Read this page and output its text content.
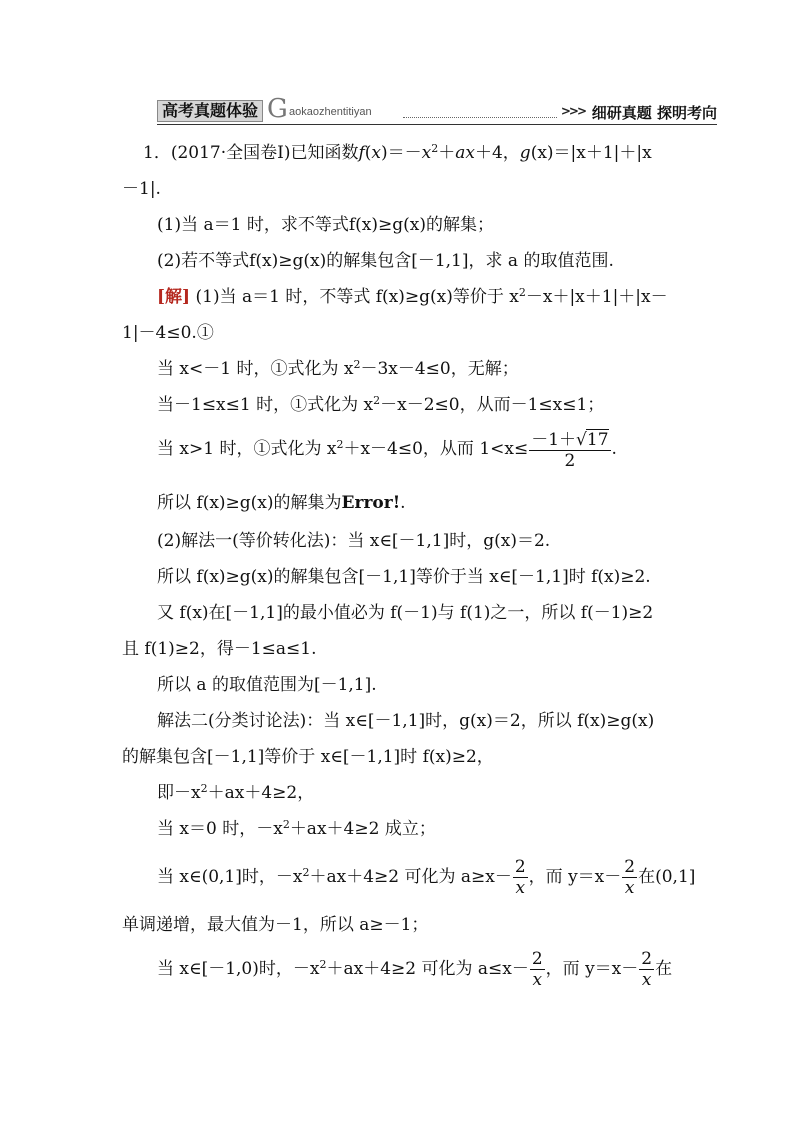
高考真题体验 G aokaozhentitiyan	>>> 细研真题 探明考向
1．(2017·全国卷Ⅰ)已知函数$f(x)=-x^2+ax+4$，g(x)＝|x＋1|＋|x
－1|.
(1)当 a＝1 时，求不等式f(x)≥g(x)的解集；
(2)若不等式f(x)≥g(x)的解集包含[－1,1]，求 a 的取值范围.
[解] (1)当 a＝1 时，不等式 f(x)≥g(x)等价于 $x^2-x+|x+1|+|x-$
1|－4≤0.①
当 x<－1 时，①式化为 $x^2-3x-4\le 0$，无解；
当－1≤x≤1 时，①式化为 $x^2-x-2\le 0$，从而－1≤x≤1；
当 x>1 时，①式化为 $x^2+x-4\le 0$，从而 $1<x\le \frac{-1+√17}{2}$ .
所以 f(x)≥g(x)的解集为Error!.
(2)解法一(等价转化法)：当 x∈[－1,1]时，g(x)＝2.
所以 f(x)≥g(x)的解集包含[－1,1]等价于当 x∈[－1,1]时 f(x)≥2.
又 f(x)在[－1,1]的最小值必为 f(－1)与 f(1)之一，所以 f(－1)≥2
且 f(1)≥2，得－1≤a≤1.
所以 a 的取值范围为[－1,1].
解法二(分类讨论法)：当 x∈[－1,1]时，g(x)＝2，所以 f(x)≥g(x)
的解集包含[－1,1]等价于 x∈[－1,1]时 f(x)≥2，
即$-x^2+ax+4\ge 2$，
当 x＝0 时，$-x^2+ax+4\ge 2$ 成立；
当 x∈(0,1]时，$-x^2+ax+4\ge 2$ 可化为 $a\ge x- \frac{2}{x}$ ，而 $y=x- \frac{2}{x}$ 在(0,1]
单调递增，最大值为－1，所以 a≥－1；
当 x∈[－1,0)时，$-x^2+ax+4\ge 2$ 可化为 $a\le x- \frac{2}{x}$ ，而 $y=x- \frac{2}{x}$ 在
